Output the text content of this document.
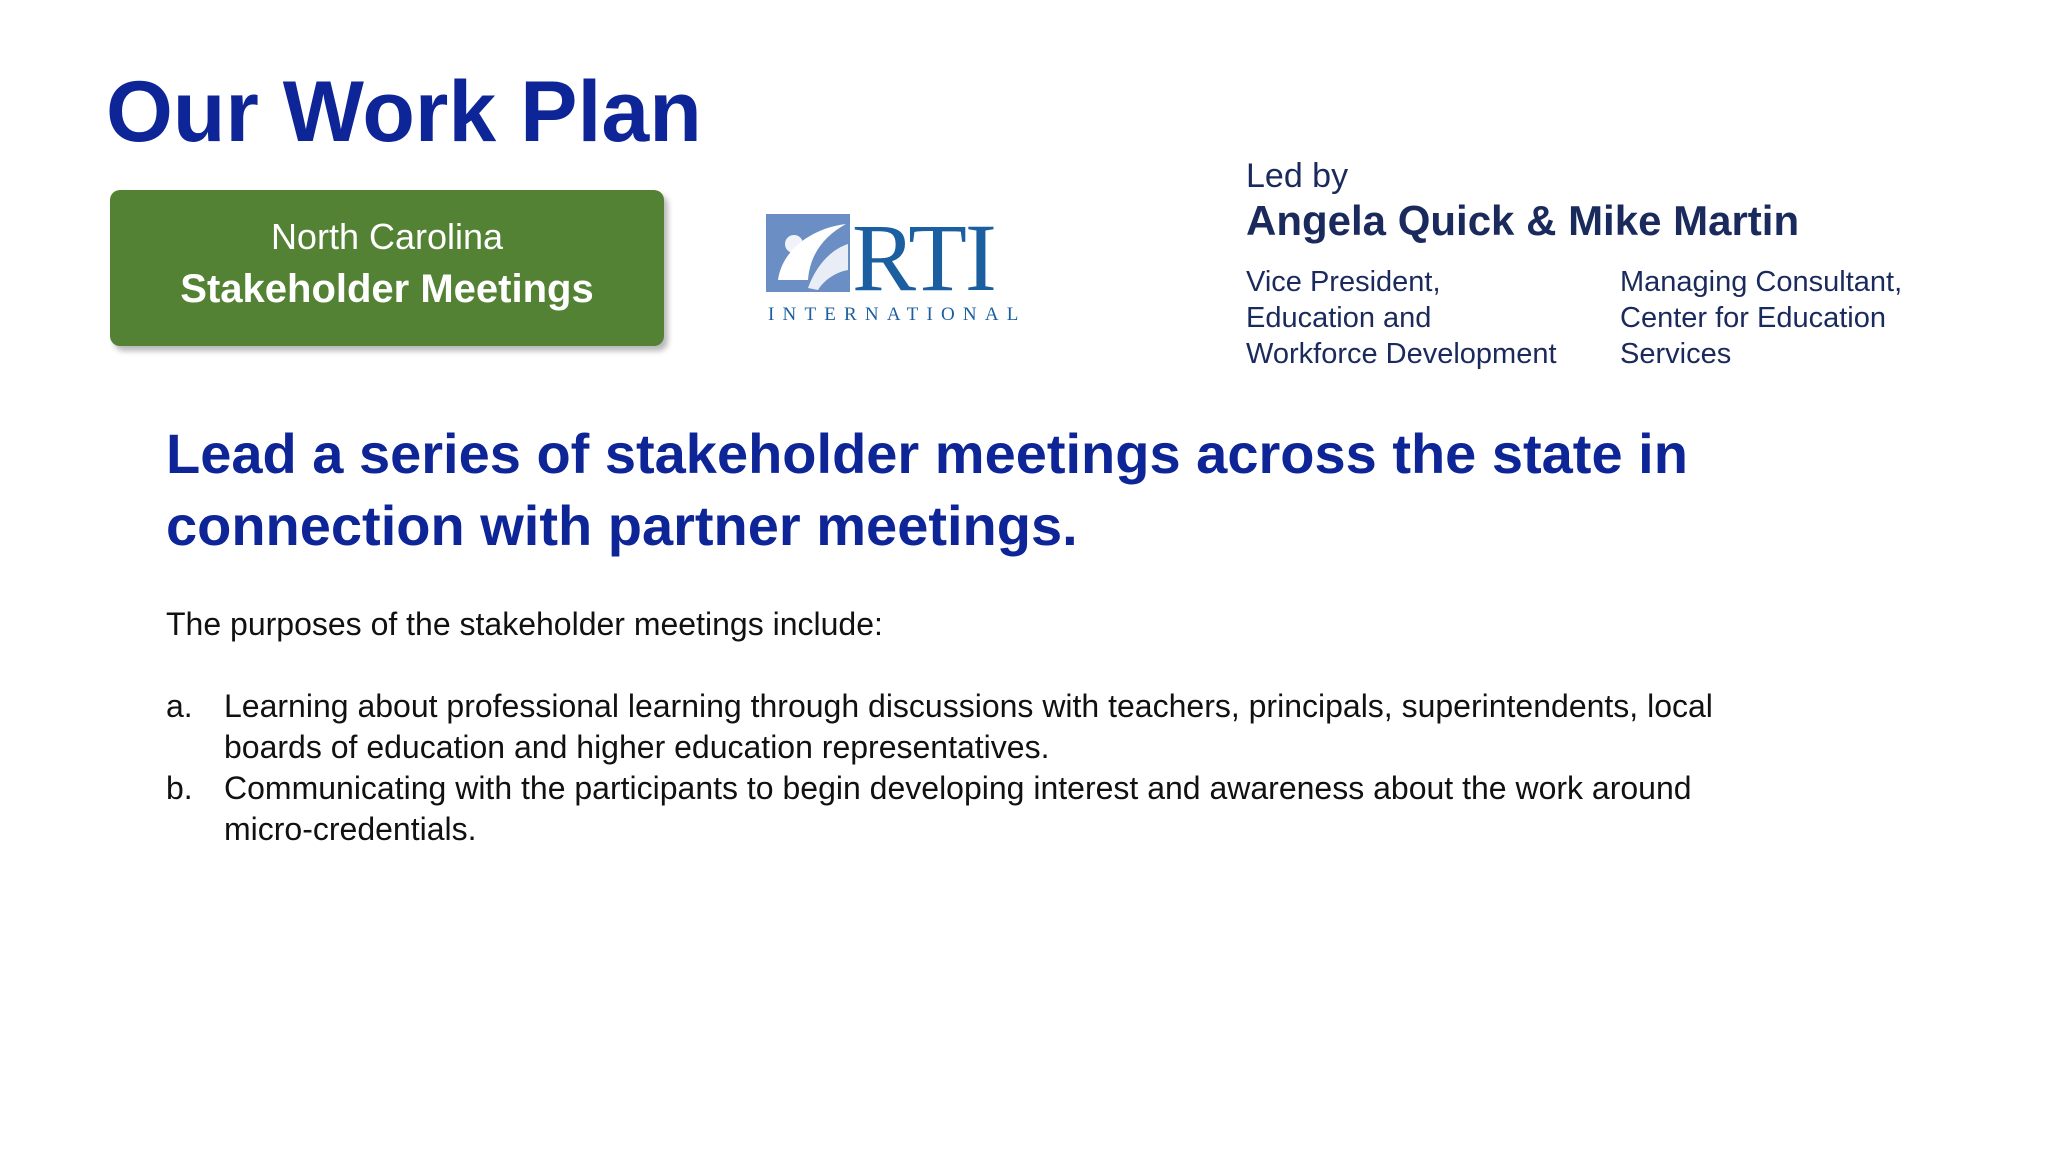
Our Work Plan
North Carolina
Stakeholder Meetings	RTI
INTERNATIONAL
Led by
Angela Quick & Mike Martin
Vice President,
Education and
Workforce Development
Managing Consultant,
Center for Education
Services
Lead a series of stakeholder meetings across the state in
connection with partner meetings.
The purposes of the stakeholder meetings include:
a. Learning about professional learning through discussions with teachers, principals, superintendents, local
boards of education and higher education representatives.
b. Communicating with the participants to begin developing interest and awareness about the work around
micro-credentials.
